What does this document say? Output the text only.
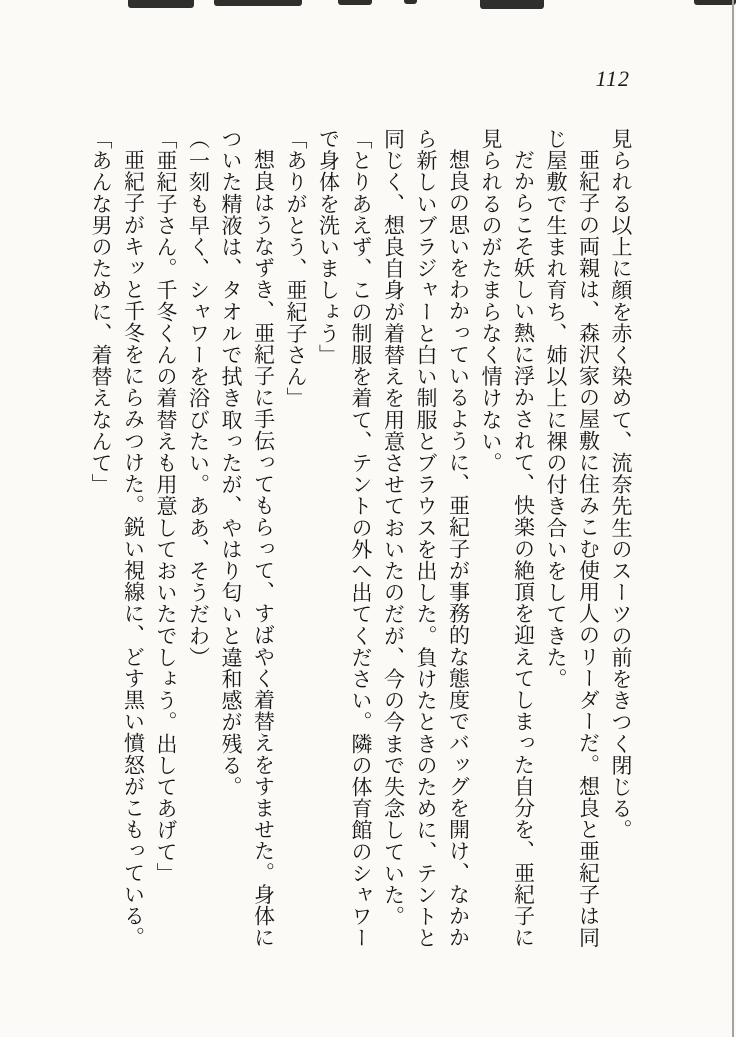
112

見られる以上に顔を赤く染めて、流奈先生のスーツの前をきつく閉じる。

亜紀子の両親は、森沢家の屋敷に住みこむ使用人のリーダーだ。想良と亜紀子は同じ屋敷で生まれ育ち、姉以上に裸の付き合いをしてきた。

だからこそ妖しい熱に浮かされて、快楽の絶頂を迎えてしまった自分を、亜紀子に見られるのがたまらなく情けない。

想良の思いをわかっているように、亜紀子が事務的な態度でバッグを開け、なかから新しいブラジャーと白い制服とブラウスを出した。負けたときのために、テントと同じく、想良自身が着替えを用意させておいたのだが、今の今まで失念していた。

「とりあえず、この制服を着て、テントの外へ出てください。隣の体育館のシャワーで身体を洗いましょう」

「ありがとう、亜紀子さん」

想良はうなずき、亜紀子に手伝ってもらって、すばやく着替えをすませた。身体についた精液は、タオルで拭き取ったが、やはり匂いと違和感が残る。

（一刻も早く、シャワーを浴びたい。ああ、そうだわ）

「亜紀子さん。千冬くんの着替えも用意しておいたでしょう。出してあげて」

亜紀子がキッと千冬をにらみつけた。鋭い視線に、どす黒い憤怒がこもっている。

「あんな男のために、着替えなんて」
